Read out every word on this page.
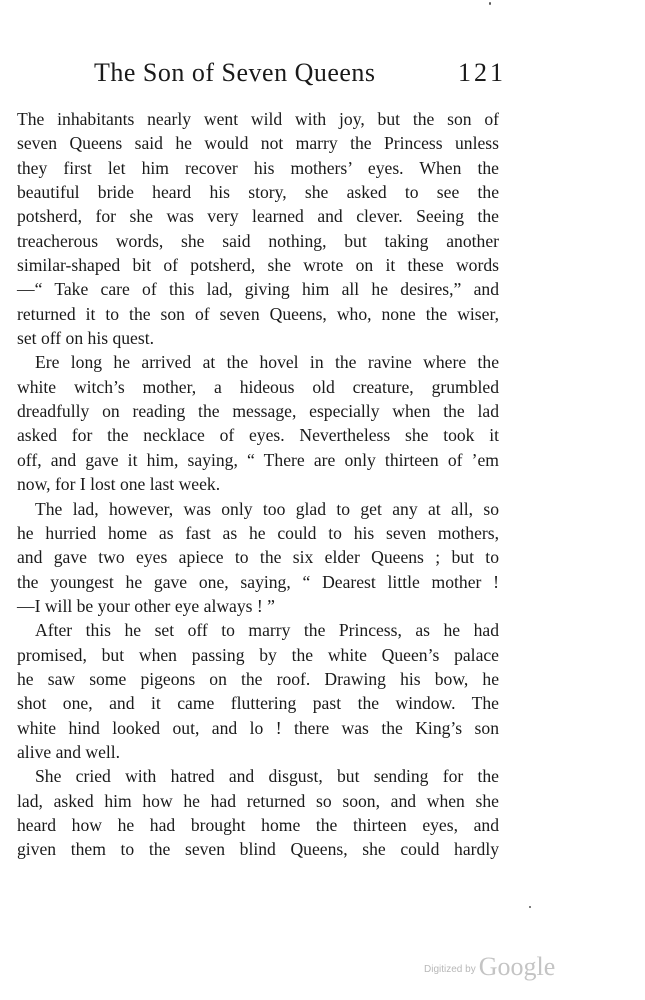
The Son of Seven Queens	121
The inhabitants nearly went wild with joy, but the son of
seven Queens said he would not marry the Princess unless
they first let him recover his mothers’ eyes. When the
beautiful bride heard his story, she asked to see the
potsherd, for she was very learned and clever. Seeing the
treacherous words, she said nothing, but taking another
similar-shaped bit of potsherd, she wrote on it these words
—“ Take care of this lad, giving him all he desires,” and
returned it to the son of seven Queens, who, none the wiser,
set off on his quest.
Ere long he arrived at the hovel in the ravine where the
white witch’s mother, a hideous old creature, grumbled
dreadfully on reading the message, especially when the lad
asked for the necklace of eyes. Nevertheless she took it
off, and gave it him, saying, “ There are only thirteen of ’em
now, for I lost one last week.
The lad, however, was only too glad to get any at all, so
he hurried home as fast as he could to his seven mothers,
and gave two eyes apiece to the six elder Queens ; but to
the youngest he gave one, saying, “ Dearest little mother !
—I will be your other eye always ! ”
After this he set off to marry the Princess, as he had
promised, but when passing by the white Queen’s palace
he saw some pigeons on the roof. Drawing his bow, he
shot one, and it came fluttering past the window. The
white hind looked out, and lo ! there was the King’s son
alive and well.
She cried with hatred and disgust, but sending for the
lad, asked him how he had returned so soon, and when she
heard how he had brought home the thirteen eyes, and
given them to the seven blind Queens, she could hardly
Digitized by Google
